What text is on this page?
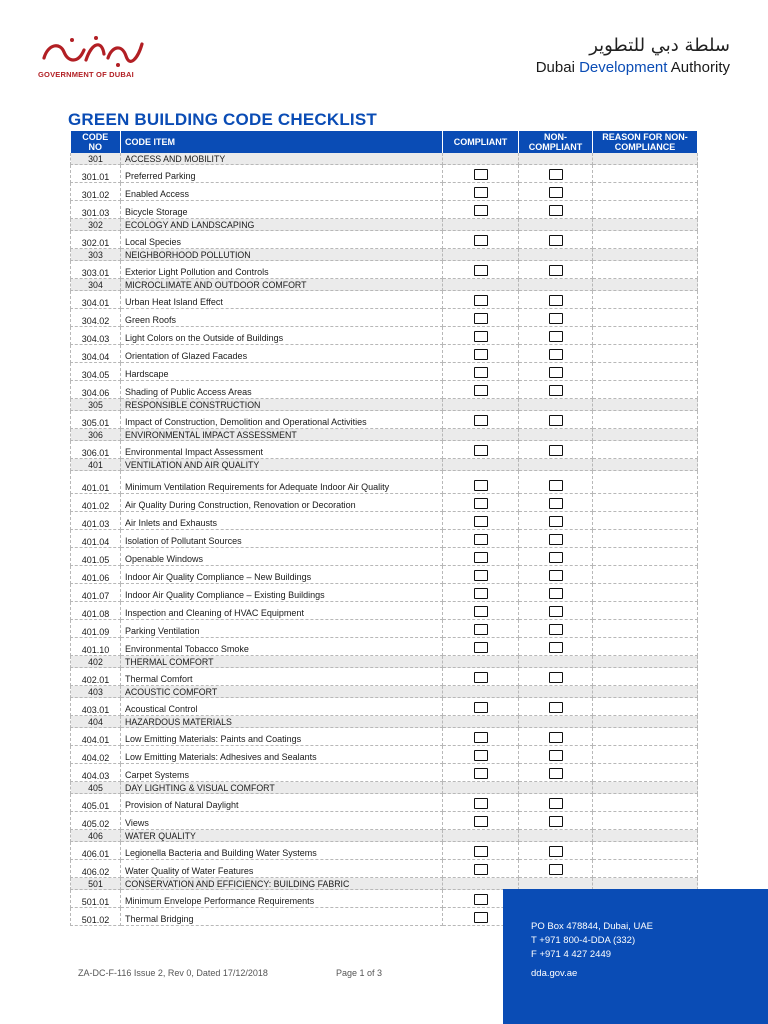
GOVERNMENT OF DUBAI
سلطة دبي للتطوير
Dubai Development Authority
GREEN BUILDING CODE CHECKLIST
CODE NO	CODE ITEM	COMPLIANT	NON-COMPLIANT	REASON FOR NON-COMPLIANCE
301	ACCESS AND MOBILITY			
301.01	Preferred Parking	

301.02	Enabled Access	

301.03	Bicycle Storage	

302	ECOLOGY AND LANDSCAPING			
302.01	Local Species	

303	NEIGHBORHOOD POLLUTION			
303.01	Exterior Light Pollution and Controls	

304	MICROCLIMATE AND OUTDOOR COMFORT			
304.01	Urban Heat Island Effect	

304.02	Green Roofs	

304.03	Light Colors on the Outside of Buildings	

304.04	Orientation of Glazed Facades	

304.05	Hardscape	

304.06	Shading of Public Access Areas	

305	RESPONSIBLE CONSTRUCTION			
305.01	Impact of Construction, Demolition and Operational Activities	

306	ENVIRONMENTAL IMPACT ASSESSMENT			
306.01	Environmental Impact Assessment	

401	VENTILATION AND AIR QUALITY			
401.01	Minimum Ventilation Requirements for Adequate Indoor Air Quality	

401.02	Air Quality During Construction, Renovation or Decoration	

401.03	Air Inlets and Exhausts	

401.04	Isolation of Pollutant Sources	

401.05	Openable Windows	

401.06	Indoor Air Quality Compliance – New Buildings	

401.07	Indoor Air Quality Compliance – Existing Buildings	

401.08	Inspection and Cleaning of HVAC Equipment	

401.09	Parking Ventilation	

401.10	Environmental Tobacco Smoke	

402	THERMAL COMFORT			
402.01	Thermal Comfort	

403	ACOUSTIC COMFORT			
403.01	Acoustical Control	

404	HAZARDOUS MATERIALS			
404.01	Low Emitting Materials: Paints and Coatings	

404.02	Low Emitting Materials: Adhesives and Sealants	

404.03	Carpet Systems	

405	DAY LIGHTING & VISUAL COMFORT			
405.01	Provision of Natural Daylight	

405.02	Views	

406	WATER QUALITY			
406.01	Legionella Bacteria and Building Water Systems	

406.02	Water Quality of Water Features	

501	CONSERVATION AND EFFICIENCY: BUILDING FABRIC			
501.01	Minimum Envelope Performance Requirements	

501.02	Thermal Bridging	

ZA-DC-F-116 Issue 2, Rev 0, Dated 17/12/2018	Page 1 of 3
PO Box 478844, Dubai, UAE
T +971 800-4-DDA (332)
F +971 4 427 2449
dda.gov.ae
